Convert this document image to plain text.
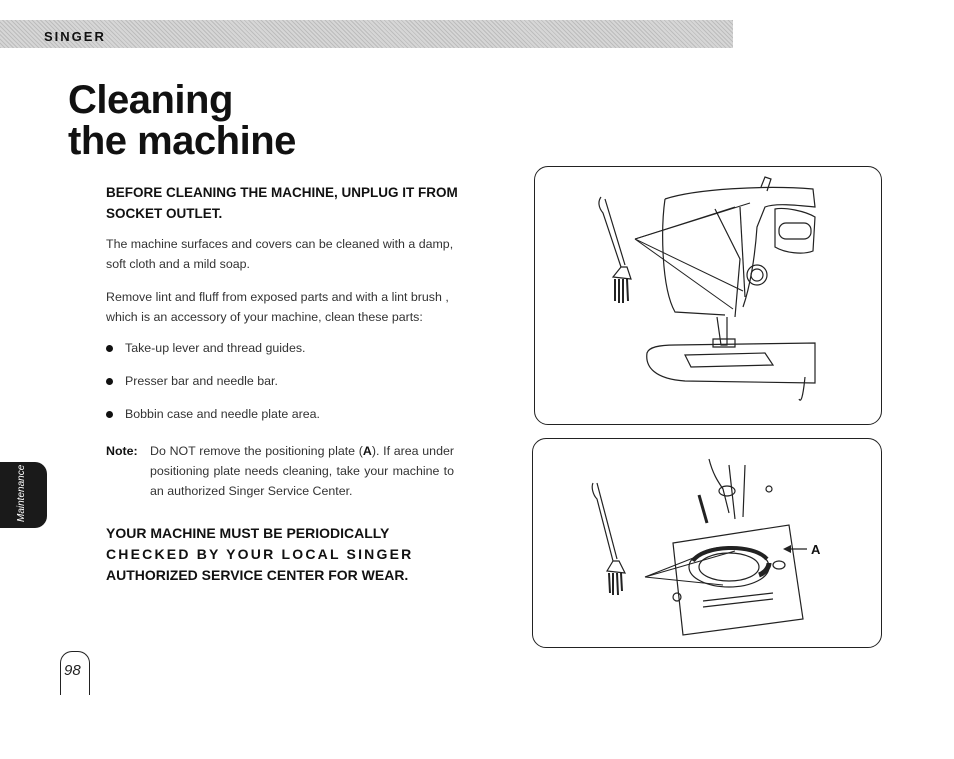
SINGER
Cleaning
the machine
BEFORE CLEANING THE MACHINE, UNPLUG IT FROM SOCKET OUTLET.

The machine surfaces and covers can be cleaned with a damp, soft cloth and a mild soap.

Remove lint and fluff from exposed parts and with a lint brush , which is an accessory of your machine, clean these parts:

Take-up lever and thread guides.
Presser bar and needle bar.
Bobbin case and needle plate area.
Note: Do NOT remove the positioning plate (A). If area under positioning plate needs cleaning, take your machine to an authorized Singer Service Center.
YOUR MACHINE MUST BE PERIODICALLY
CHECKED BY YOUR LOCAL SINGER
AUTHORIZED SERVICE CENTER FOR WEAR.
Maintenance
98
A
